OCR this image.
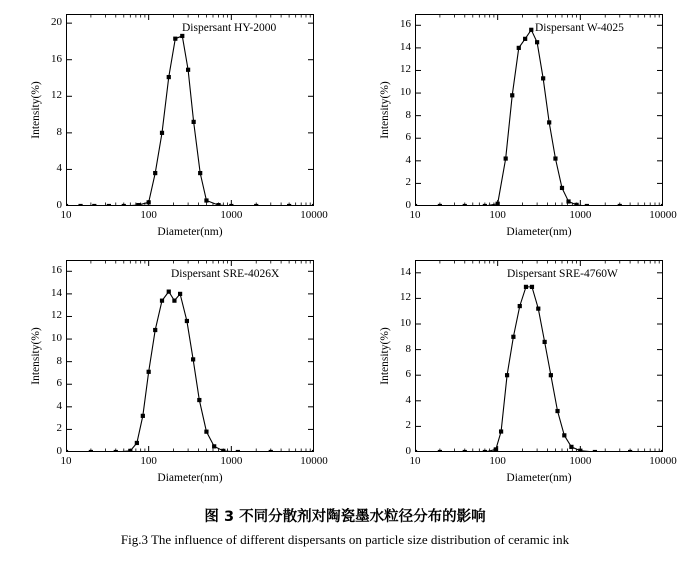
Intensity(%)
Diameter(nm)
Dispersant HY-2000
0
4
8
12
16
20
10	100	1000	10000
Intensity(%)
Diameter(nm)
Dispersant W-4025
0
2
4
6
8
10
12
14
16
10	100	1000	10000
Intensity(%)
Diameter(nm)
Dispersant SRE-4026X
0
2
4
6
8
10
12
14
16
10	100	1000	10000
Intensity(%)
Diameter(nm)
Dispersant SRE-4760W
0
2
4
6
8
10
12
14
10	100	1000	10000
图 3 不同分散剂对陶瓷墨水粒径分布的影响
Fig.3 The influence of different dispersants on particle size distribution of ceramic ink
